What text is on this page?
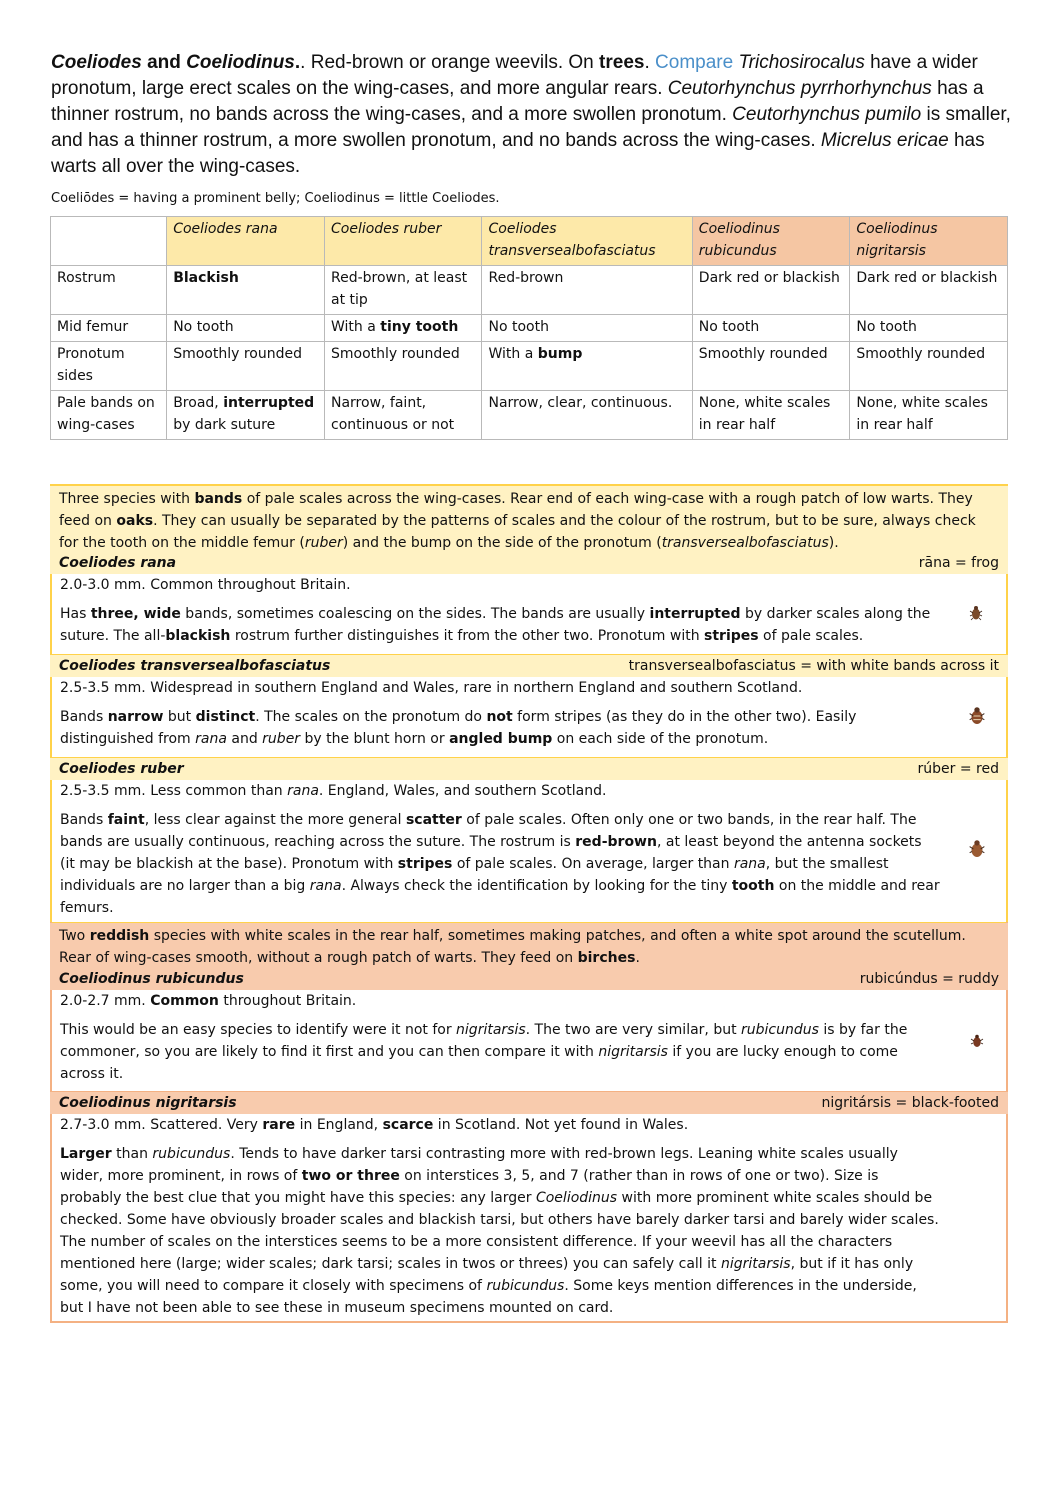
Coeliodes and Coeliodinus.. Red-brown or orange weevils. On trees. Compare Trichosirocalus have a wider pronotum, large erect scales on the wing-cases, and more angular rears. Ceutorhynchus pyrrhorhynchus has a thinner rostrum, no bands across the wing-cases, and a more swollen pronotum. Ceutorhynchus pumilo is smaller, and has a thinner rostrum, a more swollen pronotum, and no bands across the wing-cases. Micrelus ericae has warts all over the wing-cases.
Coeliōdes = having a prominent belly; Coeliodinus = little Coeliodes.
	Coeliodes rana	Coeliodes ruber	Coeliodes transversealbofasciatus	Coeliodinus rubicundus	Coeliodinus nigritarsis
Rostrum	Blackish	Red-brown, at least at tip	Red-brown	Dark red or blackish	Dark red or blackish
Mid femur	No tooth	With a tiny tooth	No tooth	No tooth	No tooth
Pronotum sides	Smoothly rounded	Smoothly rounded	With a bump	Smoothly rounded	Smoothly rounded
Pale bands on wing-cases	Broad, interrupted by dark suture	Narrow, faint, continuous or not	Narrow, clear, continuous.	None, white scales in rear half	None, white scales in rear half
Three species with bands of pale scales across the wing-cases. Rear end of each wing-case with a rough patch of low warts. They feed on oaks. They can usually be separated by the patterns of scales and the colour of the rostrum, but to be sure, always check for the tooth on the middle femur (ruber) and the bump on the side of the pronotum (transversealbofasciatus).
Coeliodes rana	rāna = frog
2.0-3.0 mm. Common throughout Britain.
Has three, wide bands, sometimes coalescing on the sides. The bands are usually interrupted by darker scales along the suture. The all-blackish rostrum further distinguishes it from the other two. Pronotum with stripes of pale scales.
Coeliodes transversealbofasciatus	transversealbofasciatus = with white bands across it
2.5-3.5 mm. Widespread in southern England and Wales, rare in northern England and southern Scotland.
Bands narrow but distinct. The scales on the pronotum do not form stripes (as they do in the other two). Easily distinguished from rana and ruber by the blunt horn or angled bump on each side of the pronotum.
Coeliodes ruber	rúber = red
2.5-3.5 mm. Less common than rana. England, Wales, and southern Scotland.
Bands faint, less clear against the more general scatter of pale scales. Often only one or two bands, in the rear half. The bands are usually continuous, reaching across the suture. The rostrum is red-brown, at least beyond the antenna sockets (it may be blackish at the base). Pronotum with stripes of pale scales. On average, larger than rana, but the smallest individuals are no larger than a big rana. Always check the identification by looking for the tiny tooth on the middle and rear femurs.
Two reddish species with white scales in the rear half, sometimes making patches, and often a white spot around the scutellum. Rear of wing-cases smooth, without a rough patch of warts. They feed on birches.
Coeliodinus rubicundus	rubicúndus = ruddy
2.0-2.7 mm. Common throughout Britain.
This would be an easy species to identify were it not for nigritarsis. The two are very similar, but rubicundus is by far the commoner, so you are likely to find it first and you can then compare it with nigritarsis if you are lucky enough to come across it.
Coeliodinus nigritarsis	nigritársis = black-footed
2.7-3.0 mm. Scattered. Very rare in England, scarce in Scotland. Not yet found in Wales.
Larger than rubicundus. Tends to have darker tarsi contrasting more with red-brown legs. Leaning white scales usually wider, more prominent, in rows of two or three on interstices 3, 5, and 7 (rather than in rows of one or two). Size is probably the best clue that you might have this species: any larger Coeliodinus with more prominent white scales should be checked. Some have obviously broader scales and blackish tarsi, but others have barely darker tarsi and barely wider scales. The number of scales on the interstices seems to be a more consistent difference. If your weevil has all the characters mentioned here (large; wider scales; dark tarsi; scales in twos or threes) you can safely call it nigritarsis, but if it has only some, you will need to compare it closely with specimens of rubicundus. Some keys mention differences in the underside, but I have not been able to see these in museum specimens mounted on card.
